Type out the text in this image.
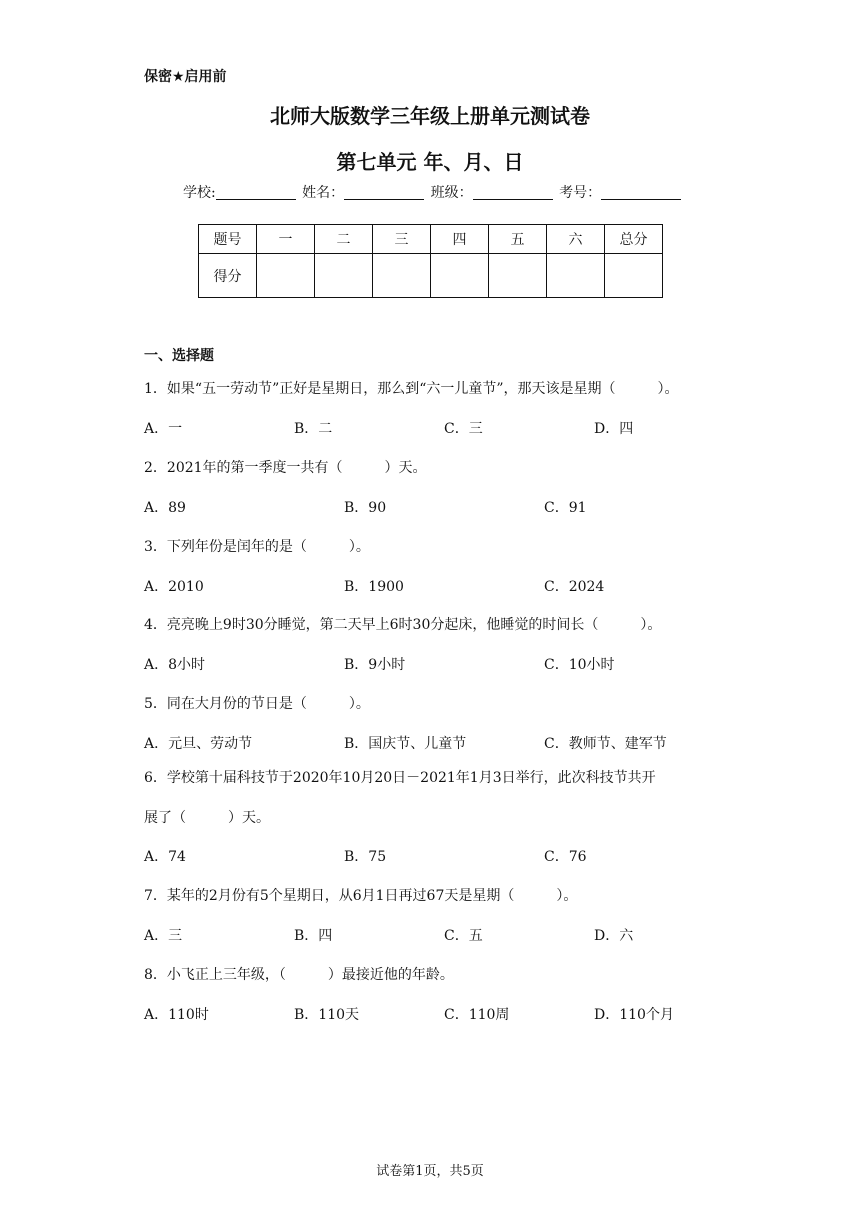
保密★启用前
北师大版数学三年级上册单元测试卷
第七单元 年、月、日
学校:	姓名：	班级：	考号：
题号	一	二	三	四	五	六	总分
得分							
一、选择题
1．如果“五一劳动节”正好是星期日，那么到“六一儿童节”，那天该是星期（　　　）。
A．一	B．二	C．三	D．四
2．2021年的第一季度一共有（　　　）天。
A．89	B．90	C．91
3．下列年份是闰年的是（　　　）。
A．2010	B．1900	C．2024
4．亮亮晚上9时30分睡觉，第二天早上6时30分起床，他睡觉的时间长（　　　）。
A．8小时	B．9小时	C．10小时
5．同在大月份的节日是（　　　）。
A．元旦、劳动节	B．国庆节、儿童节	C．教师节、建军节
6．学校第十届科技节于2020年10月20日－2021年1月3日举行，此次科技节共开
展了（　　　）天。
A．74	B．75	C．76
7．某年的2月份有5个星期日，从6月1日再过67天是星期（　　　）。
A．三	B．四	C．五	D．六
8．小飞正上三年级，（　　　）最接近他的年龄。
A．110时	B．110天	C．110周	D．110个月
试卷第1页，共5页
